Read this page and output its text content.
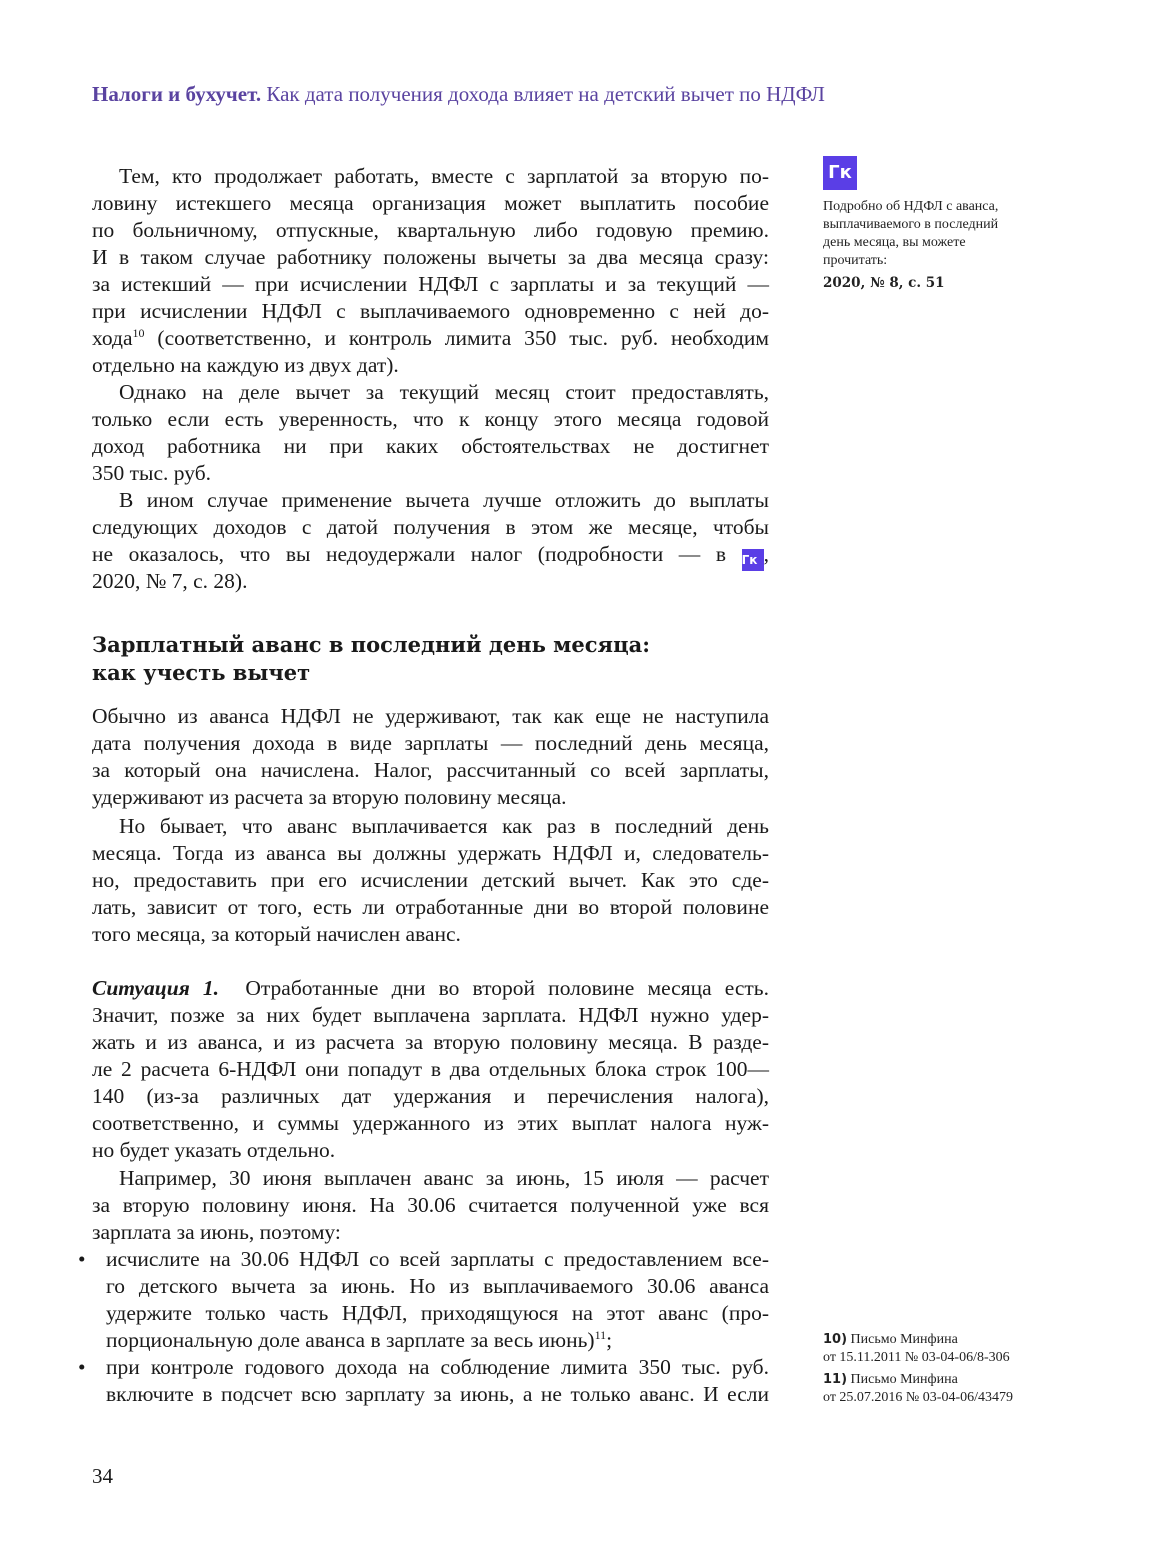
Налоги и бухучет. Как дата получения дохода влияет на детский вычет по НДФЛ
Тем, кто продолжает работать, вместе с зарплатой за вторую по-
ловину истекшего месяца организация может выплатить пособие
по больничному, отпускные, квартальную либо годовую премию.
И в таком случае работнику положены вычеты за два месяца сразу:
за истекший — при исчислении НДФЛ с зарплаты и за текущий —
при исчислении НДФЛ с выплачиваемого одновременно с ней до-
хода$^{10}$ (соответственно, и контроль лимита 350 тыс. руб. необходим
отдельно на каждую из двух дат).
Однако на деле вычет за текущий месяц стоит предоставлять,
только если есть уверенность, что к концу этого месяца годовой
доход работника ни при каких обстоятельствах не достигнет
350 тыс. руб.
В ином случае применение вычета лучше отложить до выплаты
следующих доходов с датой получения в этом же месяце, чтобы
не оказалось, что вы недоудержали налог (подробности — в Гк ,
2020, № 7, с. 28).
Обычно из аванса НДФЛ не удерживают, так как еще не наступила
дата получения дохода в виде зарплаты — последний день месяца,
за который она начислена. Налог, рассчитанный со всей зарплаты,
удерживают из расчета за вторую половину месяца.
Но бывает, что аванс выплачивается как раз в последний день
месяца. Тогда из аванса вы должны удержать НДФЛ и, следователь-
но, предоставить при его исчислении детский вычет. Как это сде-
лать, зависит от того, есть ли отработанные дни во второй половине
того месяца, за который начислен аванс.
Ситуация 1.  Отработанные дни во второй половине месяца есть.
Значит, позже за них будет выплачена зарплата. НДФЛ нужно удер-
жать и из аванса, и из расчета за вторую половину месяца. В разде-
ле 2 расчета 6-НДФЛ они попадут в два отдельных блока строк 100—
140 (из-за различных дат удержания и перечисления налога),
соответственно, и суммы удержанного из этих выплат налога нуж-
но будет указать отдельно.
Например, 30 июня выплачен аванс за июнь, 15 июля — расчет
за вторую половину июня. На 30.06 считается полученной уже вся
зарплата за июнь, поэтому:
• исчислите на 30.06 НДФЛ со всей зарплаты с предоставлением все-
го детского вычета за июнь. Но из выплачиваемого 30.06 аванса
удержите только часть НДФЛ, приходящуюся на этот аванс (про-
порциональную доле аванса в зарплате за весь июнь)$^{11}$;
• при контроле годового дохода на соблюдение лимита 350 тыс. руб.
включите в подсчет всю зарплату за июнь, а не только аванс. И если
Зарплатный аванс в последний день месяца:
как учесть вычет
Гк
Подробно об НДФЛ с аванса,
выплачиваемого в последний
день месяца, вы можете
прочитать:
2020, № 8, с. 51
10) Письмо Минфина
от 15.11.2011 № 03-04-06/8-306
11) Письмо Минфина
от 25.07.2016 № 03-04-06/43479
34
